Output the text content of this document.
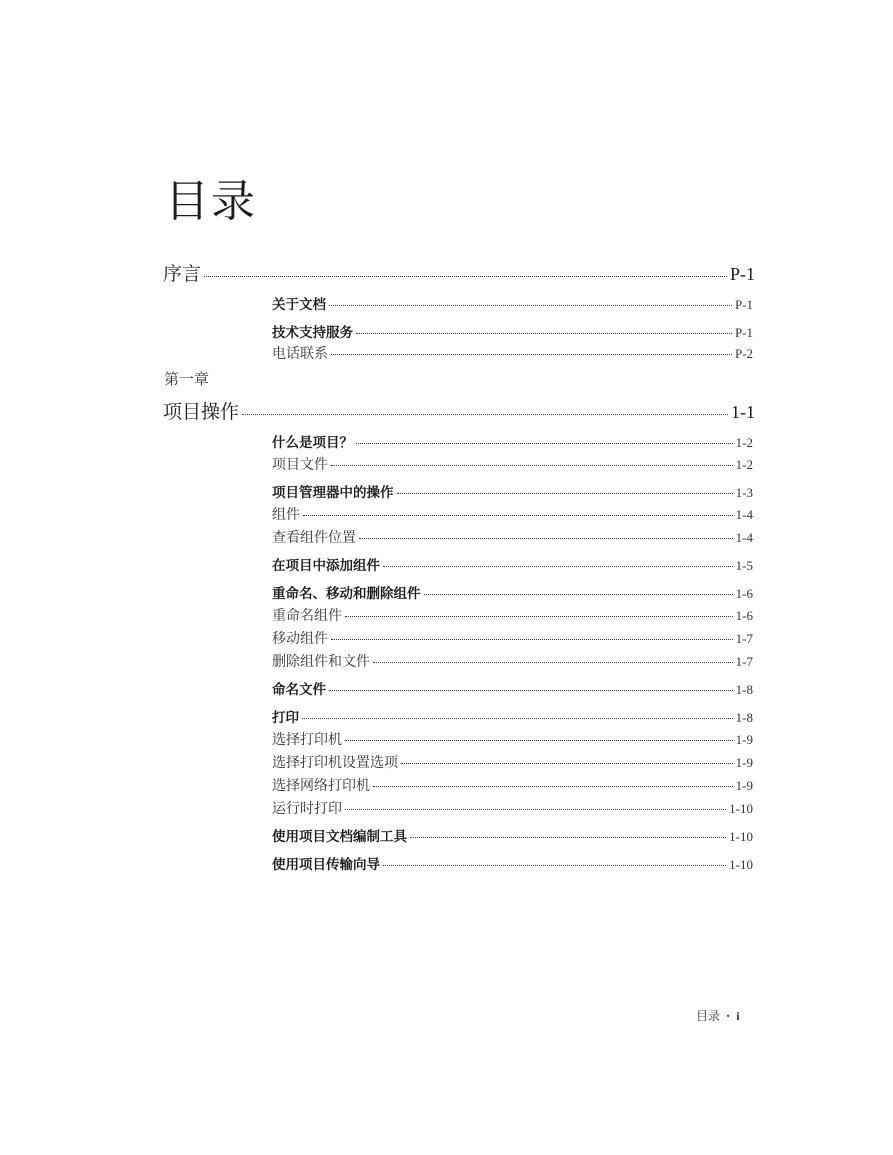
目录
序言	P-1
关于文档	P-1
技术支持服务	P-1
电话联系	P-2
第一章
项目操作	1-1
什么是项目？	1-2
项目文件	1-2
项目管理器中的操作	1-3
组件	1-4
查看组件位置	1-4
在项目中添加组件	1-5
重命名、移动和删除组件	1-6
重命名组件	1-6
移动组件	1-7
删除组件和文件	1-7
命名文件	1-8
打印	1-8
选择打印机	1-9
选择打印机设置选项	1-9
选择网络打印机	1-9
运行时打印	1-10
使用项目文档编制工具	1-10
使用项目传输向导	1-10
目录 · i
